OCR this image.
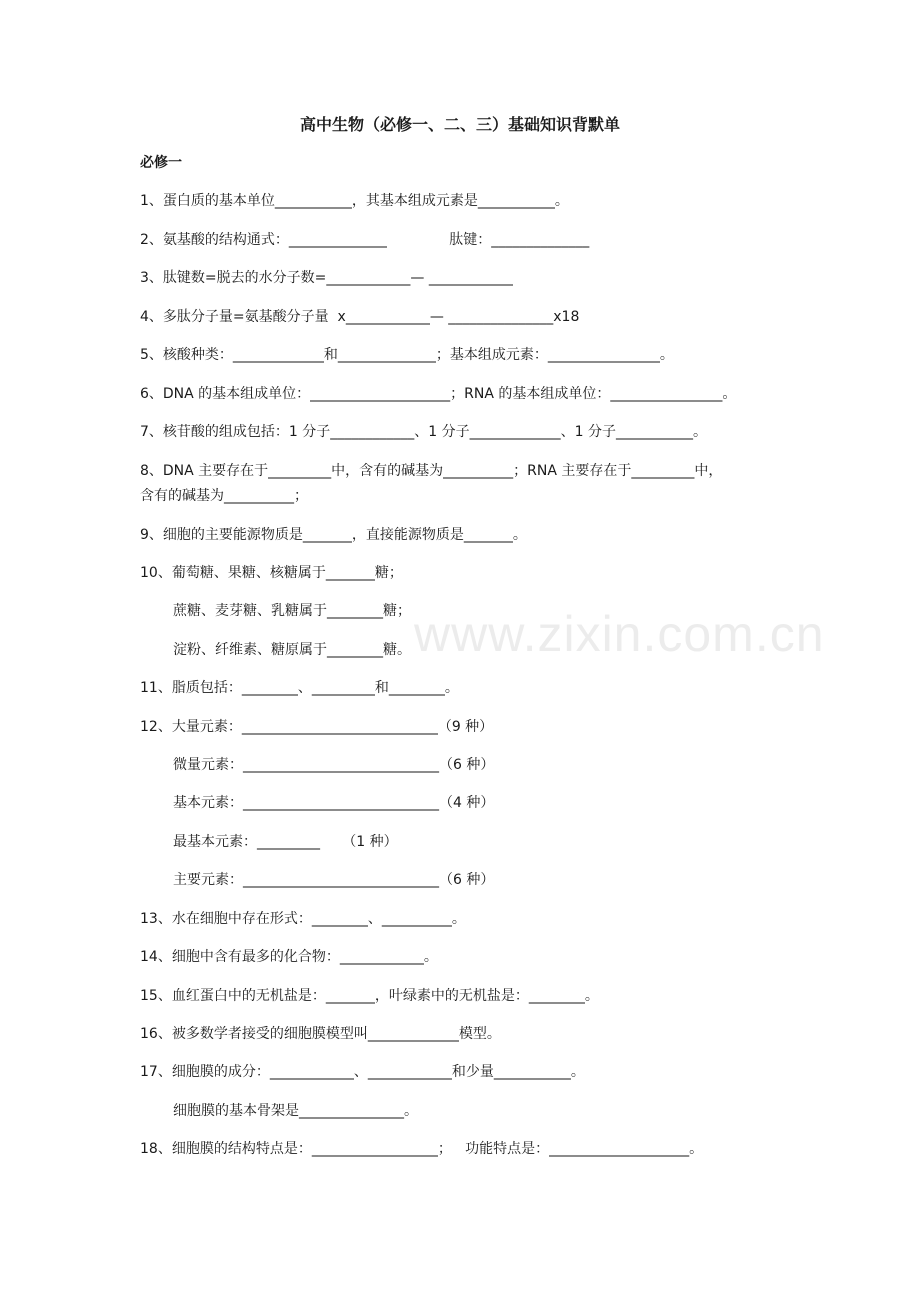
高中生物（必修一、二、三）基础知识背默单
必修一
1、蛋白质的基本单位___________，其基本组成元素是___________。
2、氨基酸的结构通式：______________              肽键：______________
3、肽键数=脱去的水分子数=____________— ____________
4、多肽分子量=氨基酸分子量  x____________— _______________x18
5、核酸种类：_____________和______________；基本组成元素：________________。
6、DNA 的基本组成单位：____________________；RNA 的基本组成单位：________________。
7、核苷酸的组成包括：1 分子____________、1 分子_____________、1 分子___________。
8、DNA 主要存在于_________中，含有的碱基为__________；RNA 主要存在于_________中，
含有的碱基为__________；
9、细胞的主要能源物质是_______，直接能源物质是_______。
10、葡萄糖、果糖、核糖属于_______糖；
蔗糖、麦芽糖、乳糖属于________糖；
淀粉、纤维素、糖原属于________糖。
11、脂质包括：________、_________和________。
12、大量元素：____________________________（9 种）
微量元素：____________________________（6 种）
基本元素：____________________________（4 种）
最基本元素：_________     （1 种）
主要元素：____________________________（6 种）
13、水在细胞中存在形式：________、__________。
14、细胞中含有最多的化合物：____________。
15、血红蛋白中的无机盐是：_______，叶绿素中的无机盐是：________。
16、被多数学者接受的细胞膜模型叫_____________模型。
17、细胞膜的成分：____________、____________和少量___________。
细胞膜的基本骨架是_______________。
18、细胞膜的结构特点是：__________________；   功能特点是：____________________。
www.zixin.com.cn
